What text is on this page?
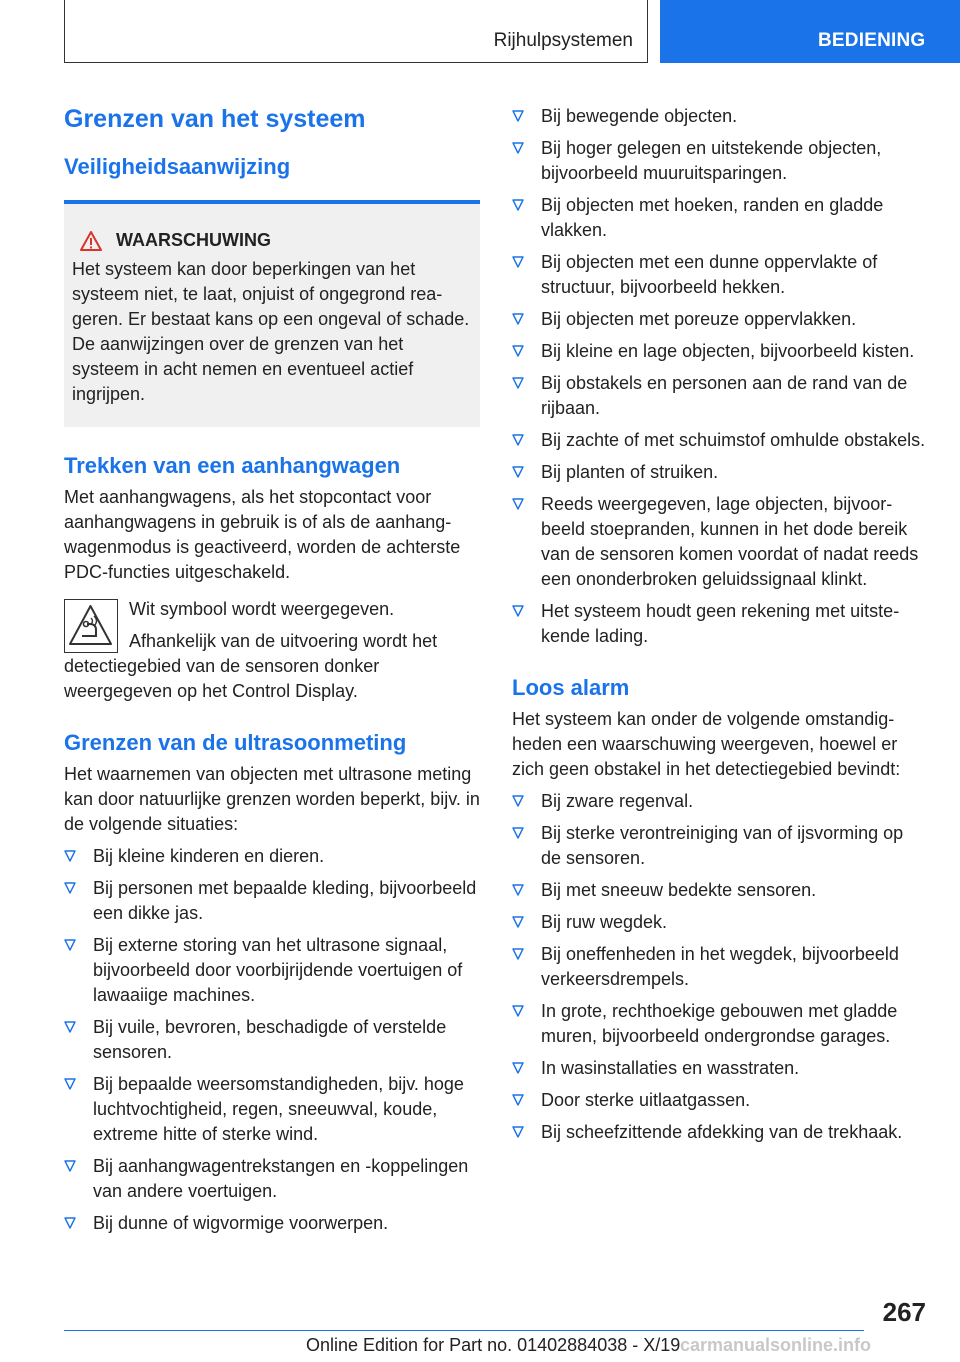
Rijhulpsystemen	BEDIENING
Grenzen van het systeem
Veiligheidsaanwijzing
WAARSCHUWING

Het systeem kan door beperkingen van het systeem niet, te laat, onjuist of ongegrond reageren. Er bestaat kans op een ongeval of schade. De aanwijzingen over de grenzen van het systeem in acht nemen en eventueel actief ingrijpen.

Trekken van een aanhangwagen

Met aanhangwagens, als het stopcontact voor aanhangwagens in gebruik is of als de aanhangwagenmodus is geactiveerd, worden de achterste PDC-functies uitgeschakeld.

Wit symbool wordt weergegeven.

Afhankelijk van de uitvoering wordt het detectiegebied van de sensoren donker weergegeven op het Control Display.

Grenzen van de ultrasoonmeting

Het waarnemen van objecten met ultrasone meting kan door natuurlijke grenzen worden beperkt, bijv. in de volgende situaties:

Bij kleine kinderen en dieren.
Bij personen met bepaalde kleding, bijvoorbeeld een dikke jas.
Bij externe storing van het ultrasone signaal, bijvoorbeeld door voorbijrijdende voertuigen of lawaaiige machines.
Bij vuile, bevroren, beschadigde of verstelde sensoren.
Bij bepaalde weersomstandigheden, bijv. hoge luchtvochtigheid, regen, sneeuwval, koude, extreme hitte of sterke wind.
Bij aanhangwagentrekstangen en -koppelingen van andere voertuigen.
Bij dunne of wigvormige voorwerpen.
Bij bewegende objecten.
Bij hoger gelegen en uitstekende objecten, bijvoorbeeld muuruitsparingen.
Bij objecten met hoeken, randen en gladde vlakken.
Bij objecten met een dunne oppervlakte of structuur, bijvoorbeeld hekken.
Bij objecten met poreuze oppervlakken.
Bij kleine en lage objecten, bijvoorbeeld kisten.
Bij obstakels en personen aan de rand van de rijbaan.
Bij zachte of met schuimstof omhulde obstakels.
Bij planten of struiken.
Reeds weergegeven, lage objecten, bijvoorbeeld stoepranden, kunnen in het dode bereik van de sensoren komen voordat of nadat reeds een ononderbroken geluidssignaal klinkt.
Het systeem houdt geen rekening met uitstekende lading.
Loos alarm

Het systeem kan onder de volgende omstandigheden een waarschuwing weergeven, hoewel er zich geen obstakel in het detectiegebied bevindt:

Bij zware regenval.
Bij sterke verontreiniging van of ijsvorming op de sensoren.
Bij met sneeuw bedekte sensoren.
Bij ruw wegdek.
Bij oneffenheden in het wegdek, bijvoorbeeld verkeersdrempels.
In grote, rechthoekige gebouwen met gladde muren, bijvoorbeeld ondergrondse garages.
In wasinstallaties en wasstraten.
Door sterke uitlaatgassen.
Bij scheefzittende afdekking van de trekhaak.
267
Online Edition for Part no. 01402884038 - X/19 carmanualsonline.info
